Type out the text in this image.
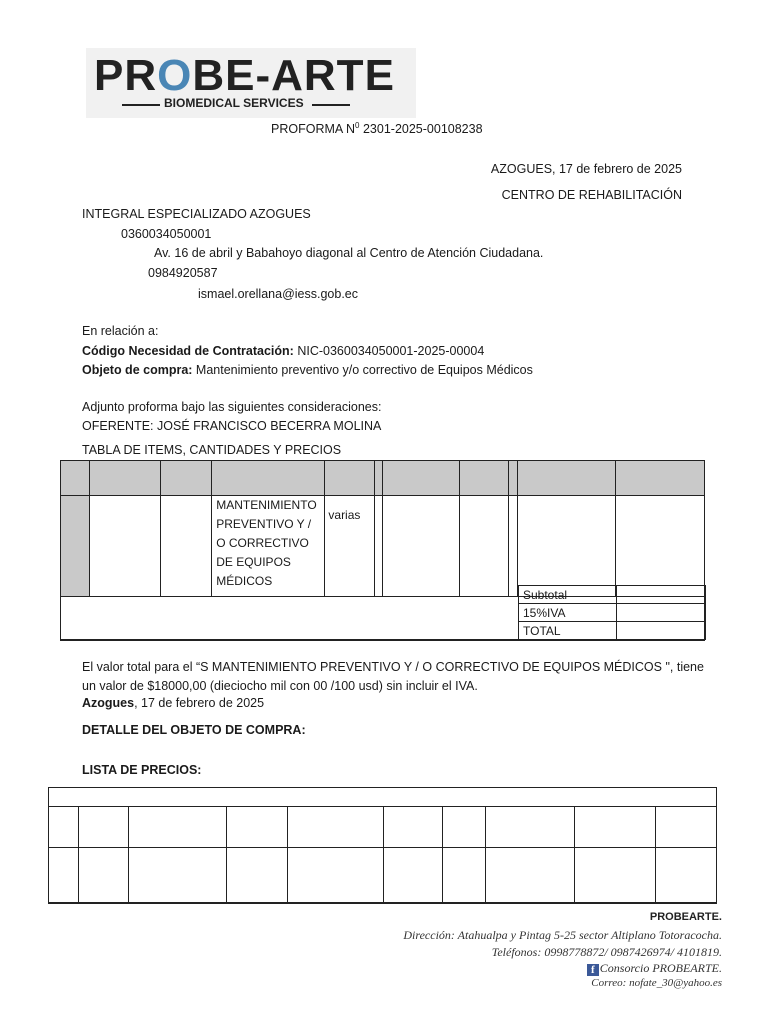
PROBE-ARTE
BIOMEDICAL SERVICES
PROFORMA $N^0$ 2301-2025-00108238
AZOGUES, 17 de febrero de 2025
CENTRO DE REHABILITACIÓN
INTEGRAL ESPECIALIZADO AZOGUES
0360034050001
Av. 16 de abril y Babahoyo diagonal al Centro de Atención Ciudadana.
0984920587
ismael.orellana@iess.gob.ec
En relación a:
Código Necesidad de Contratación: NIC-0360034050001-2025-00004
Objeto de compra: Mantenimiento preventivo y/o correctivo de Equipos Médicos
Adjunto proforma bajo las siguientes consideraciones:
OFERENTE: JOSÉ FRANCISCO BECERRA MOLINA
TABLA DE ITEMS, CANTIDADES Y PRECIOS

			MANTENIMIENTO PREVENTIVO Y / O CORRECTIVO DE EQUIPOS MÉDICOS	varias						
Subtotal	
15%IVA	
TOTAL	
El valor total para el “S MANTENIMIENTO PREVENTIVO Y / O CORRECTIVO DE EQUIPOS MÉDICOS ", tiene
un valor de $18000,00 (dieciocho mil con 00 /100 usd) sin incluir el IVA.
Azogues, 17 de febrero de 2025
DETALLE DEL OBJETO DE COMPRA:
LISTA DE PRECIOS:

PROBEARTE.
Dirección: Atahualpa y Pintag 5-25 sector Altiplano Totoracocha.
Teléfonos: 0998778872/ 0987426974/ 4101819.
f Consorcio PROBEARTE.
Correo: nofate_30@yahoo.es
